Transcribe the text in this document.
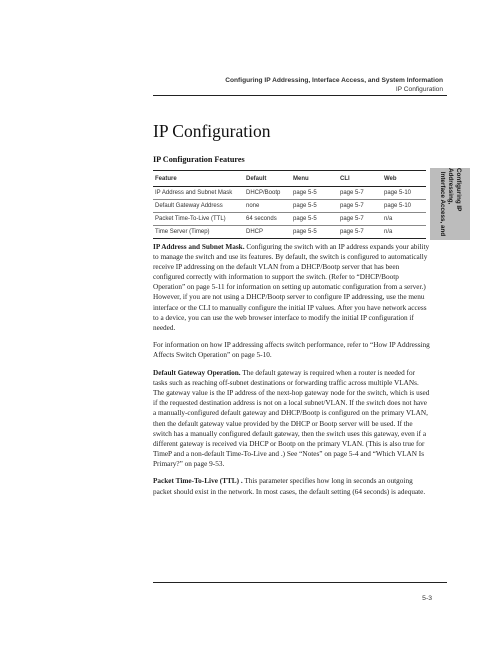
Configuring IP Addressing, Interface Access, and System Information
IP Configuration
IP Configuration
IP Configuration Features
Feature	Default	Menu	CLI	Web
IP Address and Subnet Mask	DHCP/Bootp	page 5-5	page 5-7	page 5-10
Default Gateway Address	none	page 5-5	page 5-7	page 5-10
Packet Time-To-Live (TTL)	64 seconds	page 5-5	page 5-7	n/a
Time Server (Timep)	DHCP	page 5-5	page 5-7	n/a
Configuring IP Addressing,
Interface Access, and

IP Address and Subnet Mask. Configuring the switch with an IP address expands your ability to manage the switch and use its features. By default, the switch is configured to automatically receive IP addressing on the default VLAN from a DHCP/Bootp server that has been configured correctly with information to support the switch. (Refer to “DHCP/Bootp Operation” on page 5-11 for information on setting up automatic configuration from a server.) However, if you are not using a DHCP/Bootp server to configure IP addressing, use the menu interface or the CLI to manually configure the initial IP values. After you have network access to a device, you can use the web browser interface to modify the initial IP configuration if needed.

For information on how IP addressing affects switch performance, refer to “How IP Addressing Affects Switch Operation” on page 5-10.

Default Gateway Operation. The default gateway is required when a router is needed for tasks such as reaching off-subnet destinations or forwarding traffic across multiple VLANs. The gateway value is the IP address of the next-hop gateway node for the switch, which is used if the requested destination address is not on a local subnet/VLAN. If the switch does not have a manually-configured default gateway and DHCP/Bootp is configured on the primary VLAN, then the default gateway value provided by the DHCP or Bootp server will be used. If the switch has a manually configured default gateway, then the switch uses this gateway, even if a different gateway is received via DHCP or Bootp on the primary VLAN. (This is also true for TimeP and a non-default Time-To-Live and .) See “Notes” on page 5-4 and “Which VLAN Is Primary?” on page 9-53.

Packet Time-To-Live (TTL) . This parameter specifies how long in seconds an outgoing packet should exist in the network. In most cases, the default setting (64 seconds) is adequate.

5-3
